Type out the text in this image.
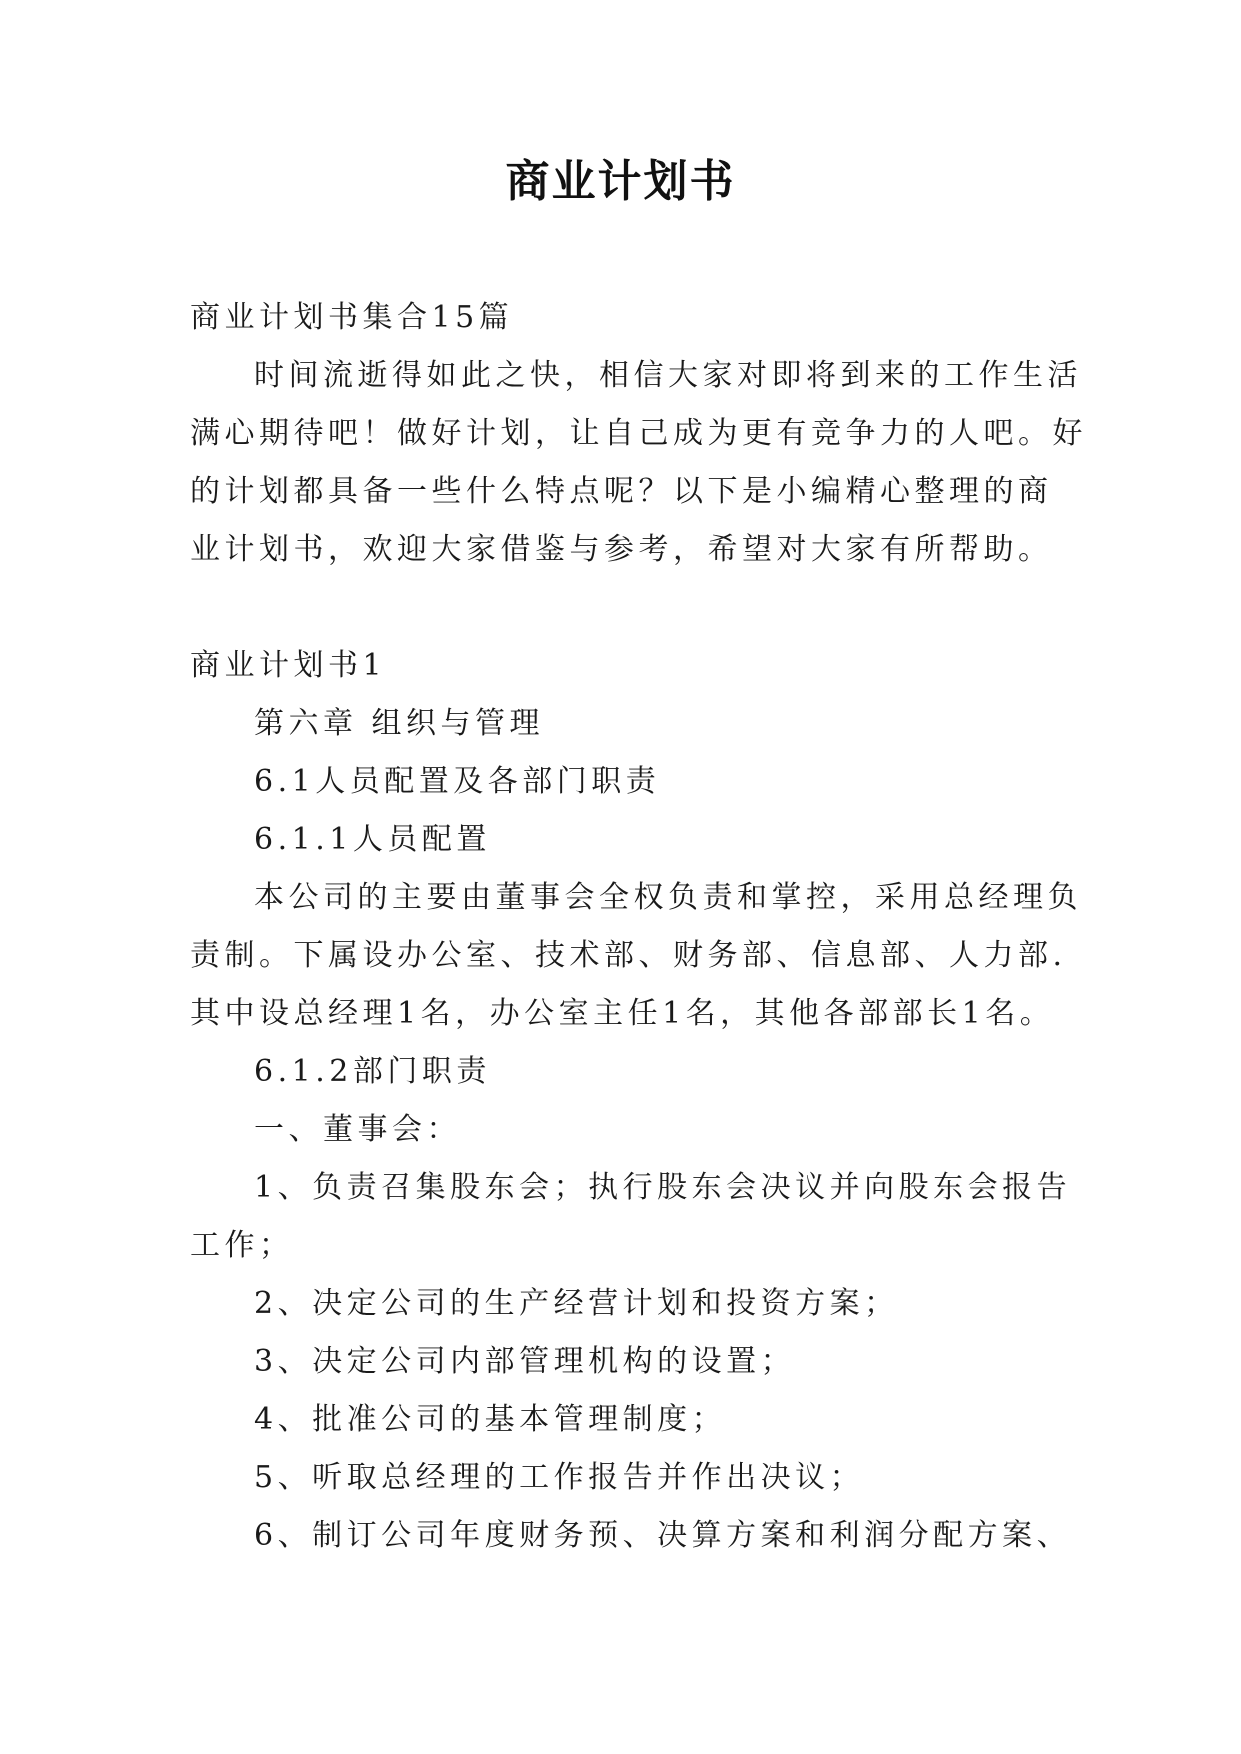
商业计划书
商业计划书集合15篇
时间流逝得如此之快，相信大家对即将到来的工作生活
满心期待吧！做好计划，让自己成为更有竞争力的人吧。好
的计划都具备一些什么特点呢？以下是小编精心整理的商
业计划书，欢迎大家借鉴与参考，希望对大家有所帮助。
商业计划书1
第六章 组织与管理
6.1人员配置及各部门职责
6.1.1人员配置
本公司的主要由董事会全权负责和掌控，采用总经理负
责制。下属设办公室、技术部、财务部、信息部、人力部.
其中设总经理1名，办公室主任1名，其他各部部长1名。
6.1.2部门职责
一、董事会：
1、负责召集股东会；执行股东会决议并向股东会报告
工作；
2、决定公司的生产经营计划和投资方案；
3、决定公司内部管理机构的设置；
4、批准公司的基本管理制度；
5、听取总经理的工作报告并作出决议；
6、制订公司年度财务预、决算方案和利润分配方案、
